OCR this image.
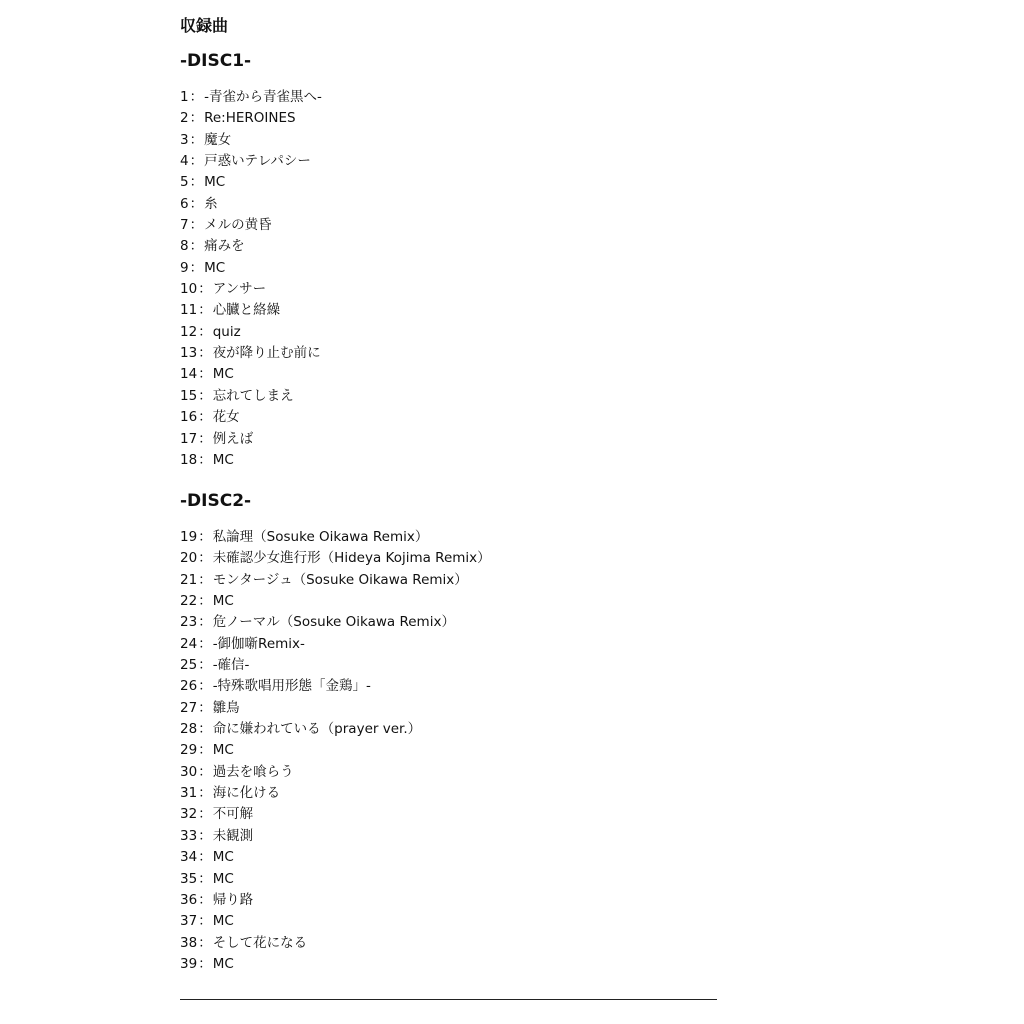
収録曲
-DISC1-
1：-青雀から青雀黒へ-
2：Re:HEROINES
3：魔女
4：戸惑いテレパシー
5：MC
6：糸
7：メルの黄昏
8：痛みを
9：MC
10：アンサー
11：心臓と絡繰
12：quiz
13：夜が降り止む前に
14：MC
15：忘れてしまえ
16：花女
17：例えば
18：MC
-DISC2-
19：私論理（Sosuke Oikawa Remix）
20：未確認少女進行形（Hideya Kojima Remix）
21：モンタージュ（Sosuke Oikawa Remix）
22：MC
23：危ノーマル（Sosuke Oikawa Remix）
24：-御伽噺Remix-
25：-確信-
26：-特殊歌唱用形態「金鶏」-
27：雛鳥
28：命に嫌われている（prayer ver.）
29：MC
30：過去を喰らう
31：海に化ける
32：不可解
33：未観測
34：MC
35：MC
36：帰り路
37：MC
38：そして花になる
39：MC
